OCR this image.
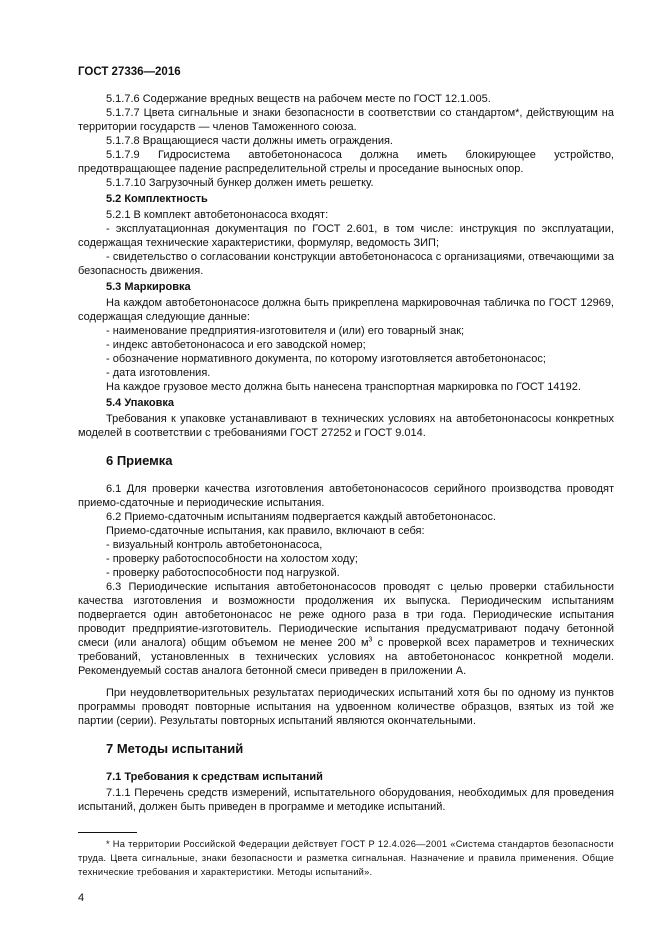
ГОСТ 27336—2016
5.1.7.6 Содержание вредных веществ на рабочем месте по ГОСТ 12.1.005.
5.1.7.7 Цвета сигнальные и знаки безопасности в соответствии со стандартом*, действующим на территории государств — членов Таможенного союза.
5.1.7.8 Вращающиеся части должны иметь ограждения.
5.1.7.9 Гидросистема автобетононасоса должна иметь блокирующее устройство, предотвращающее падение распределительной стрелы и проседание выносных опор.
5.1.7.10 Загрузочный бункер должен иметь решетку.
5.2 Комплектность
5.2.1 В комплект автобетононасоса входят:
- эксплуатационная документация по ГОСТ 2.601, в том числе: инструкция по эксплуатации, содержащая технические характеристики, формуляр, ведомость ЗИП;
- свидетельство о согласовании конструкции автобетононасоса с организациями, отвечающими за безопасность движения.
5.3 Маркировка
На каждом автобетононасосе должна быть прикреплена маркировочная табличка по ГОСТ 12969, содержащая следующие данные:
- наименование предприятия-изготовителя и (или) его товарный знак;
- индекс автобетононасоса и его заводской номер;
- обозначение нормативного документа, по которому изготовляется автобетононасос;
- дата изготовления.
На каждое грузовое место должна быть нанесена транспортная маркировка по ГОСТ 14192.
5.4 Упаковка
Требования к упаковке устанавливают в технических условиях на автобетононасосы конкретных моделей в соответствии с требованиями ГОСТ 27252 и ГОСТ 9.014.
6 Приемка
6.1 Для проверки качества изготовления автобетононасосов серийного производства проводят приемо-сдаточные и периодические испытания.
6.2 Приемо-сдаточным испытаниям подвергается каждый автобетононасос.
Приемо-сдаточные испытания, как правило, включают в себя:
- визуальный контроль автобетононасоса,
- проверку работоспособности на холостом ходу;
- проверку работоспособности под нагрузкой.
6.3 Периодические испытания автобетононасосов проводят с целью проверки стабильности качества изготовления и возможности продолжения их выпуска. Периодическим испытаниям подвергается один автобетононасос не реже одного раза в три года. Периодические испытания проводит предприятие-изготовитель. Периодические испытания предусматривают подачу бетонной смеси (или аналога) общим объемом не менее 200 $м^3$ с проверкой всех параметров и технических требований, установленных в технических условиях на автобетононасос конкретной модели. Рекомендуемый состав аналога бетонной смеси приведен в приложении А.
При неудовлетворительных результатах периодических испытаний хотя бы по одному из пунктов программы проводят повторные испытания на удвоенном количестве образцов, взятых из той же партии (серии). Результаты повторных испытаний являются окончательными.
7 Методы испытаний
7.1 Требования к средствам испытаний
7.1.1 Перечень средств измерений, испытательного оборудования, необходимых для проведения испытаний, должен быть приведен в программе и методике испытаний.
* На территории Российской Федерации действует ГОСТ Р 12.4.026—2001 «Система стандартов безопасности труда. Цвета сигнальные, знаки безопасности и разметка сигнальная. Назначение и правила применения. Общие технические требования и характеристики. Методы испытаний».
4
